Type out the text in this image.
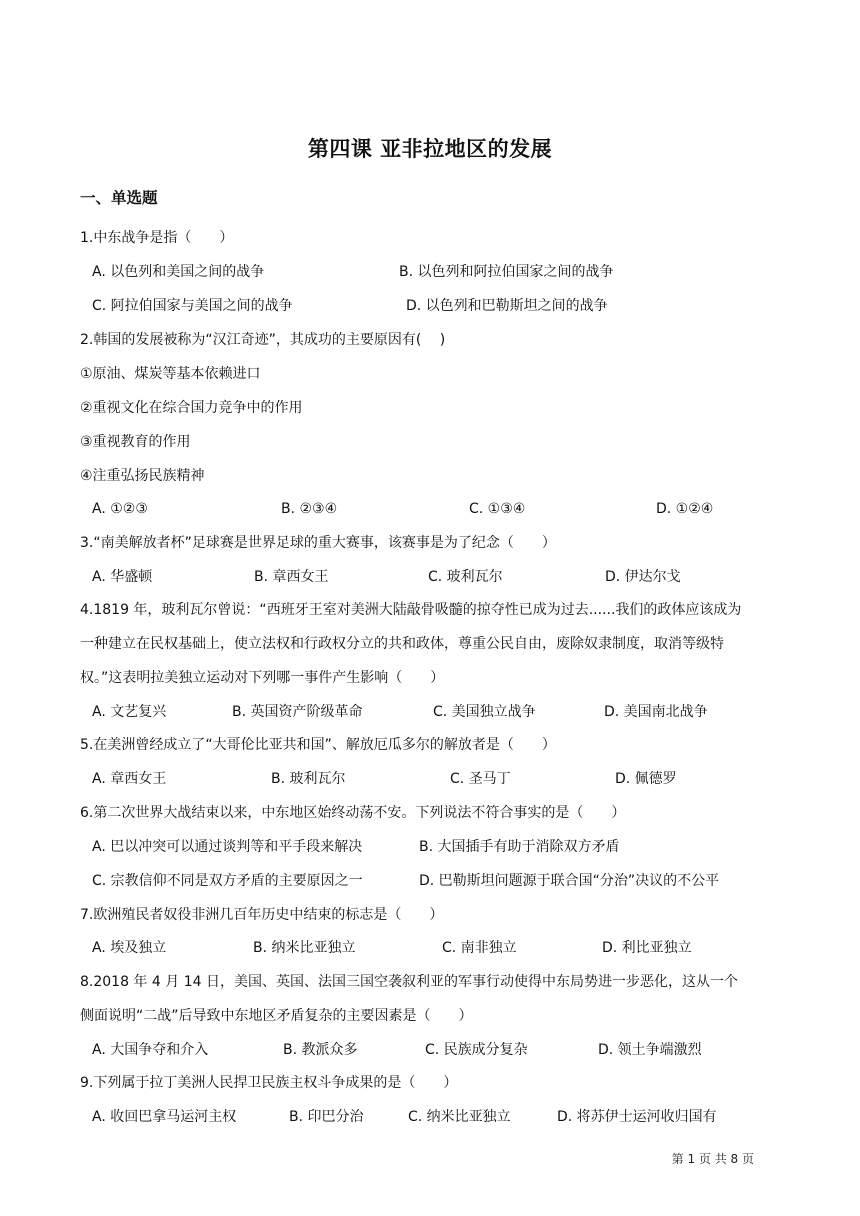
第四课 亚非拉地区的发展
一、单选题
1.中东战争是指（　　）
A. 以色列和美国之间的战争	B. 以色列和阿拉伯国家之间的战争
C. 阿拉伯国家与美国之间的战争	D. 以色列和巴勒斯坦之间的战争
2.韩国的发展被称为“汉江奇迹”，其成功的主要原因有(　 )
①原油、煤炭等基本依赖进口
②重视文化在综合国力竞争中的作用
③重视教育的作用
④注重弘扬民族精神
A. ①②③	B. ②③④	C. ①③④	D. ①②④
3.“南美解放者杯”足球赛是世界足球的重大赛事，该赛事是为了纪念（　　）
A. 华盛顿	B. 章西女王	C. 玻利瓦尔	D. 伊达尔戈
4.1819 年，玻利瓦尔曾说：“西班牙王室对美洲大陆敲骨吸髓的掠夺性已成为过去......我们的政体应该成为
一种建立在民权基础上，使立法权和行政权分立的共和政体，尊重公民自由，废除奴隶制度，取消等级特
权。”这表明拉美独立运动对下列哪一事件产生影响（　　）
A. 文艺复兴	B. 英国资产阶级革命	C. 美国独立战争	D. 美国南北战争
5.在美洲曾经成立了“大哥伦比亚共和国”、解放厄瓜多尔的解放者是（　　）
A. 章西女王	B. 玻利瓦尔	C. 圣马丁	D. 佩德罗
6.第二次世界大战结束以来，中东地区始终动荡不安。下列说法不符合事实的是（　　）
A. 巴以冲突可以通过谈判等和平手段来解决	B. 大国插手有助于消除双方矛盾
C. 宗教信仰不同是双方矛盾的主要原因之一	D. 巴勒斯坦问题源于联合国“分治”决议的不公平
7.欧洲殖民者奴役非洲几百年历史中结束的标志是（　　）
A. 埃及独立	B. 纳米比亚独立	C. 南非独立	D. 利比亚独立
8.2018 年 4 月 14 日，美国、英国、法国三国空袭叙利亚的军事行动使得中东局势进一步恶化，这从一个
侧面说明“二战”后导致中东地区矛盾复杂的主要因素是（　　）
A. 大国争夺和介入	B. 教派众多	C. 民族成分复杂	D. 领土争端激烈
9.下列属于拉丁美洲人民捍卫民族主权斗争成果的是（　　）
A. 收回巴拿马运河主权	B. 印巴分治	C. 纳米比亚独立	D. 将苏伊士运河收归国有
第 1 页 共 8 页
